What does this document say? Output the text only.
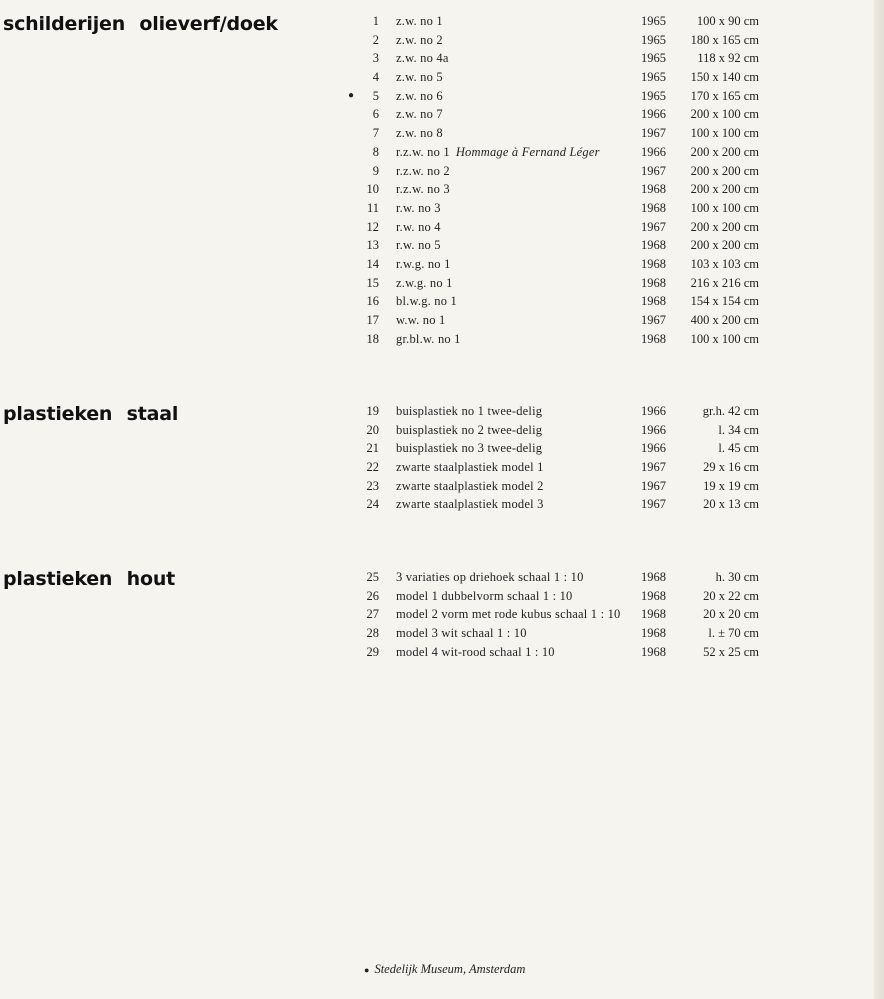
schilderijen olieverf/doek	1 z.w. no 1	1965	100 x 90 cm
2 z.w. no 2	1965	180 x 165 cm
3 z.w. no 4a	1965	118 x 92 cm
4 z.w. no 5	1965	150 x 140 cm
●	5 z.w. no 6	1965	170 x 165 cm
6 z.w. no 7	1966	200 x 100 cm
7 z.w. no 8	1967	100 x 100 cm
8 r.z.w. no 1 Hommage à Fernand Léger	1966	200 x 200 cm
9 r.z.w. no 2	1967	200 x 200 cm
10 r.z.w. no 3	1968	200 x 200 cm
11 r.w. no 3	1968	100 x 100 cm
12 r.w. no 4	1967	200 x 200 cm
13 r.w. no 5	1968	200 x 200 cm
14 r.w.g. no 1	1968	103 x 103 cm
15 z.w.g. no 1	1968	216 x 216 cm
16 bl.w.g. no 1	1968	154 x 154 cm
17 w.w. no 1	1967	400 x 200 cm
18 gr.bl.w. no 1	1968	100 x 100 cm
plastieken staal	19 buisplastiek no 1 twee-delig	1966	gr.h. 42 cm
20 buisplastiek no 2 twee-delig	1966	l. 34 cm
21 buisplastiek no 3 twee-delig	1966	l. 45 cm
22 zwarte staalplastiek model 1	1967	29 x 16 cm
23 zwarte staalplastiek model 2	1967	19 x 19 cm
24 zwarte staalplastiek model 3	1967	20 x 13 cm
plastieken hout	25 3 variaties op driehoek schaal 1 : 10	1968	h. 30 cm
26 model 1 dubbelvorm schaal 1 : 10	1968	20 x 22 cm
27 model 2 vorm met rode kubus schaal 1 : 10 1968	20 x 20 cm
28 model 3 wit schaal 1 : 10	1968	l. ± 70 cm
29 model 4 wit-rood schaal 1 : 10	1968	52 x 25 cm
● Stedelijk Museum, Amsterdam
